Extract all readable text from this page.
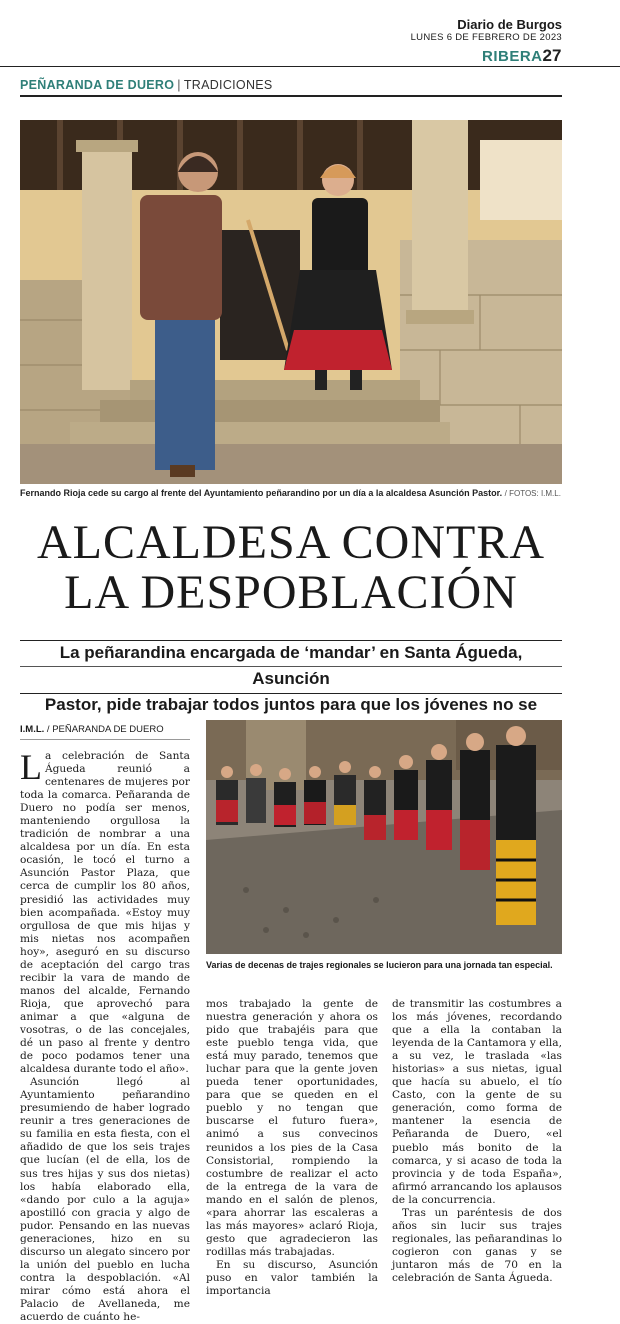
Diario de Burgos
LUNES 6 DE FEBRERO DE 2023
RIBERA27
PEÑARANDA DE DUERO | TRADICIONES
Fernando Rioja cede su cargo al frente del Ayuntamiento peñarandino por un día a la alcaldesa Asunción Pastor. / FOTOS: I.M.L.
ALCALDESA CONTRA
LA DESPOBLACIÓN
La peñarandina encargada de ‘mandar’ en Santa Águeda, Asunción
Pastor, pide trabajar todos juntos para que los jóvenes no se
I.M.L. / PEÑARANDA DE DUERO

La celebración de Santa Águeda reunió a centenares de mujeres por toda la comarca. Peñaranda de Duero no podía ser menos, manteniendo orgullosa la tradición de nombrar a una alcaldesa por un día. En esta ocasión, le tocó el turno a Asunción Pastor Plaza, que cerca de cumplir los 80 años, presidió las actividades muy bien acompañada. «Estoy muy orgullosa de que mis hijas y mis nietas nos acompañen hoy», aseguró en su discurso de aceptación del cargo tras recibir la vara de mando de manos del alcalde, Fernando Rioja, que aprovechó para animar a que «alguna de vosotras, o de las concejales, dé un paso al frente y dentro de poco podamos tener una alcaldesa durante todo el año».

Asunción llegó al Ayuntamiento peñarandino presumiendo de haber logrado reunir a tres generaciones de su familia en esta fiesta, con el añadido de que los seis trajes que lucían (el de ella, los de sus tres hijas y sus dos nietas) los había elaborado ella, «dando por culo a la aguja» apostilló con gracia y algo de pudor. Pensando en las nuevas generaciones, hizo en su discurso un alegato sincero por la unión del pueblo en lucha contra la despoblación. «Al mirar cómo está ahora el Palacio de Avellaneda, me acuerdo de cuánto he-

Varias de decenas de trajes regionales se lucieron para una jornada tan especial.

mos trabajado la gente de nuestra generación y ahora os pido que trabajéis para que este pueblo tenga vida, que está muy parado, tenemos que luchar para que la gente joven pueda tener oportunidades, para que se queden en el pueblo y no tengan que buscarse el futuro fuera», animó a sus convecinos reunidos a los pies de la Casa Consistorial, rompiendo la costumbre de realizar el acto de la entrega de la vara de mando en el salón de plenos, «para ahorrar las escaleras a las más mayores» aclaró Rioja, gesto que agradecieron las rodillas más trabajadas.

En su discurso, Asunción puso en valor también la importancia

de transmitir las costumbres a los más jóvenes, recordando que a ella la contaban la leyenda de la Cantamora y ella, a su vez, le traslada «las historias» a sus nietas, igual que hacía su abuelo, el tío Casto, con la gente de su generación, como forma de mantener la esencia de Peñaranda de Duero, «el pueblo más bonito de la comarca, y si acaso de toda la provincia y de toda España», afirmó arrancando los aplausos de la concurrencia.

Tras un paréntesis de dos años sin lucir sus trajes regionales, las peñarandinas lo cogieron con ganas y se juntaron más de 70 en la celebración de Santa Águeda.
